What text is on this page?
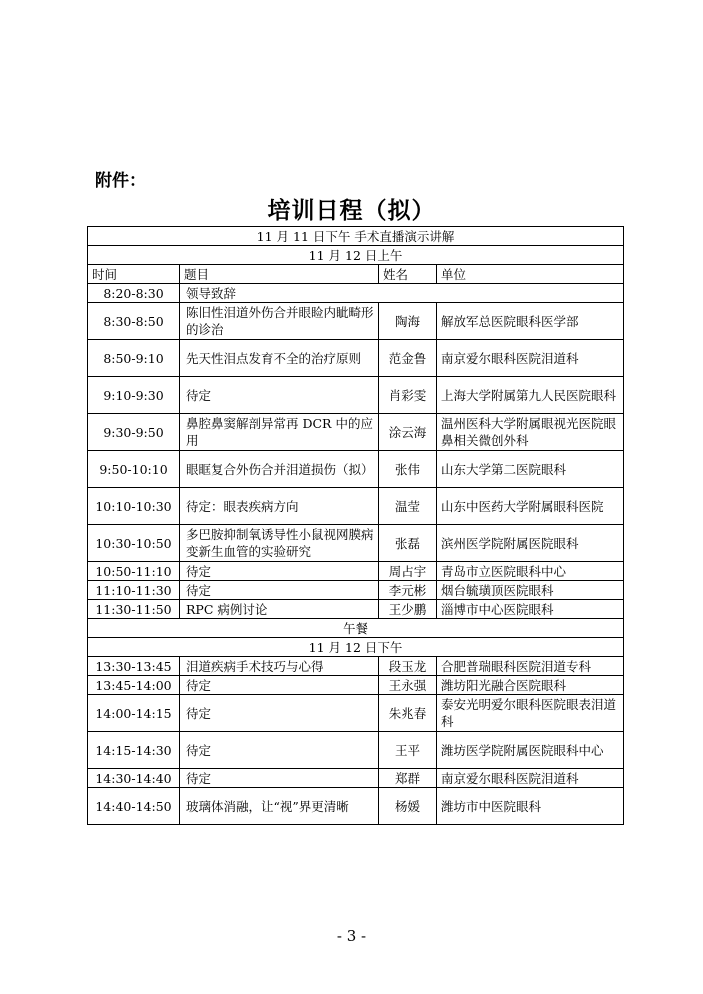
附件：
培训日程（拟）
11 月 11 日下午 手术直播演示讲解			
11 月 12 日上午			
时间	题目	姓名	单位
8:20-8:30	领导致辞		
8:30-8:50	陈旧性泪道外伤合并眼睑内眦畸形的诊治	陶海	解放军总医院眼科医学部
8:50-9:10	先天性泪点发育不全的治疗原则	范金鲁	南京爱尔眼科医院泪道科
9:10-9:30	待定	肖彩雯	上海大学附属第九人民医院眼科
9:30-9:50	鼻腔鼻窦解剖异常再 DCR 中的应用	涂云海	温州医科大学附属眼视光医院眼鼻相关微创外科
9:50-10:10	眼眶复合外伤合并泪道损伤（拟）	张伟	山东大学第二医院眼科
10:10-10:30	待定：眼表疾病方向	温莹	山东中医药大学附属眼科医院
10:30-10:50	多巴胺抑制氧诱导性小鼠视网膜病变新生血管的实验研究	张磊	滨州医学院附属医院眼科
10:50-11:10	待定	周占宇	青岛市立医院眼科中心
11:10-11:30	待定	李元彬	烟台毓璜顶医院眼科
11:30-11:50	RPC 病例讨论	王少鹏	淄博市中心医院眼科
午餐			
11 月 12 日下午			
13:30-13:45	泪道疾病手术技巧与心得	段玉龙	合肥普瑞眼科医院泪道专科
13:45-14:00	待定	王永强	潍坊阳光融合医院眼科
14:00-14:15	待定	朱兆春	泰安光明爱尔眼科医院眼表泪道科
14:15-14:30	待定	王平	潍坊医学院附属医院眼科中心
14:30-14:40	待定	郑群	南京爱尔眼科医院泪道科
14:40-14:50	玻璃体消融，让“视”界更清晰	杨媛	潍坊市中医院眼科
- 3 -
